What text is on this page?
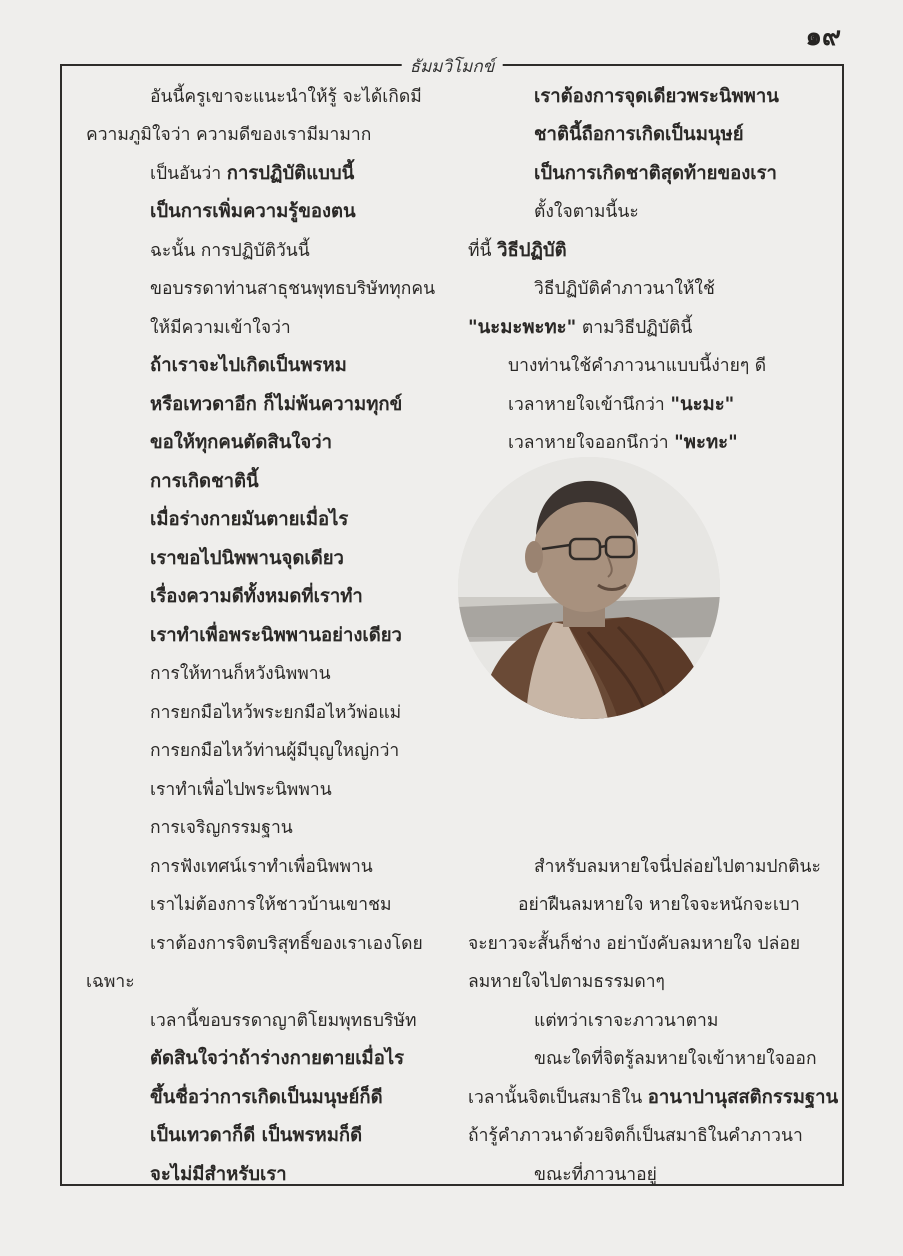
๑๙
ธัมมวิโมกข์
อันนี้ครูเขาจะแนะนำให้รู้ จะได้เกิดมี
ความภูมิใจว่า ความดีของเรามีมามาก
เป็นอันว่า การปฏิบัติแบบนี้
เป็นการเพิ่มความรู้ของตน
ฉะนั้น การปฏิบัติวันนี้
ขอบรรดาท่านสาธุชนพุทธบริษัททุกคน
ให้มีความเข้าใจว่า
ถ้าเราจะไปเกิดเป็นพรหม
หรือเทวดาอีก ก็ไม่พ้นความทุกข์
ขอให้ทุกคนตัดสินใจว่า
การเกิดชาตินี้
เมื่อร่างกายมันตายเมื่อไร
เราขอไปนิพพานจุดเดียว
เรื่องความดีทั้งหมดที่เราทำ
เราทำเพื่อพระนิพพานอย่างเดียว
การให้ทานก็หวังนิพพาน
การยกมือไหว้พระยกมือไหว้พ่อแม่
การยกมือไหว้ท่านผู้มีบุญใหญ่กว่า
เราทำเพื่อไปพระนิพพาน
การเจริญกรรมฐาน
การฟังเทศน์เราทำเพื่อนิพพาน
เราไม่ต้องการให้ชาวบ้านเขาชม
เราต้องการจิตบริสุทธิ์ของเราเองโดย
เฉพาะ
เวลานี้ขอบรรดาญาติโยมพุทธบริษัท
ตัดสินใจว่าถ้าร่างกายตายเมื่อไร
ขึ้นชื่อว่าการเกิดเป็นมนุษย์ก็ดี
เป็นเทวดาก็ดี เป็นพรหมก็ดี
จะไม่มีสำหรับเรา
เราต้องการจุดเดียวพระนิพพาน
ชาตินี้ถือการเกิดเป็นมนุษย์
เป็นการเกิดชาติสุดท้ายของเรา
ตั้งใจตามนี้นะ
ที่นี้ วิธีปฏิบัติ
วิธีปฏิบัติคำภาวนาให้ใช้
"นะมะพะทะ" ตามวิธีปฏิบัตินี้
บางท่านใช้คำภาวนาแบบนี้ง่ายๆ ดี
เวลาหายใจเข้านึกว่า "นะมะ"
เวลาหายใจออกนึกว่า "พะทะ"
สำหรับลมหายใจนี่ปล่อยไปตามปกตินะ
อย่าฝืนลมหายใจ หายใจจะหนักจะเบา
จะยาวจะสั้นก็ช่าง อย่าบังคับลมหายใจ ปล่อย
ลมหายใจไปตามธรรมดาๆ
แต่ทว่าเราจะภาวนาตาม
ขณะใดที่จิตรู้ลมหายใจเข้าหายใจออก
เวลานั้นจิตเป็นสมาธิใน อานาปานุสสติกรรมฐาน
ถ้ารู้คำภาวนาด้วยจิตก็เป็นสมาธิในคำภาวนา
ขณะที่ภาวนาอยู่
